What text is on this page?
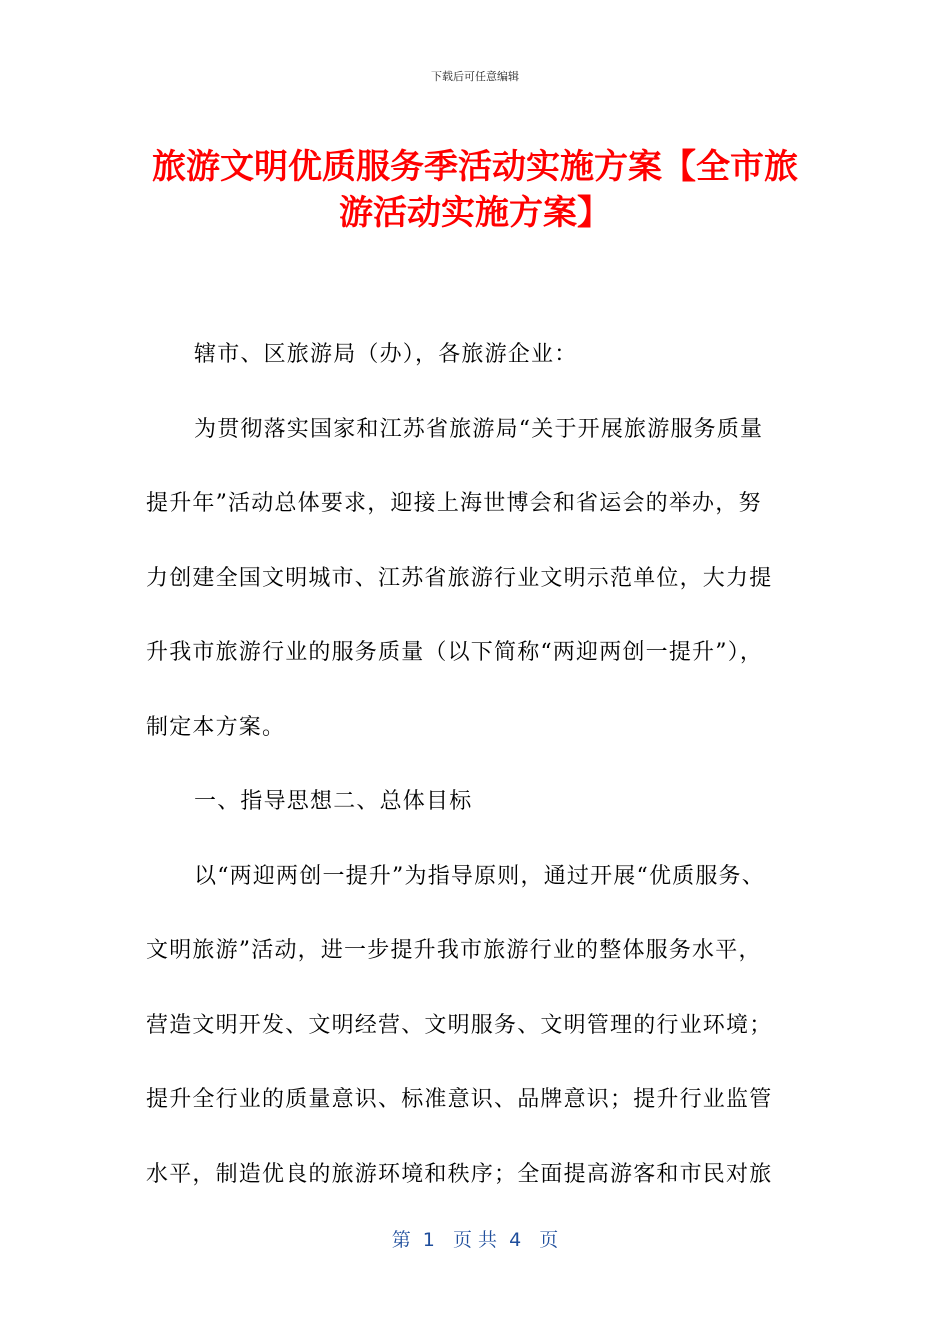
下载后可任意编辑
旅游文明优质服务季活动实施方案【全市旅
游活动实施方案】

辖市、区旅游局（办），各旅游企业：

为贯彻落实国家和江苏省旅游局“关于开展旅游服务质量
提升年”活动总体要求，迎接上海世博会和省运会的举办，努
力创建全国文明城市、江苏省旅游行业文明示范单位，大力提
升我市旅游行业的服务质量（以下简称“两迎两创一提升”），
制定本方案。

一、指导思想二、总体目标

以“两迎两创一提升”为指导原则，通过开展“优质服务、
文明旅游”活动，进一步提升我市旅游行业的整体服务水平，
营造文明开发、文明经营、文明服务、文明管理的行业环境；
提升全行业的质量意识、标准意识、品牌意识；提升行业监管
水平，制造优良的旅游环境和秩序；全面提高游客和市民对旅

第  1   页 共  4   页
